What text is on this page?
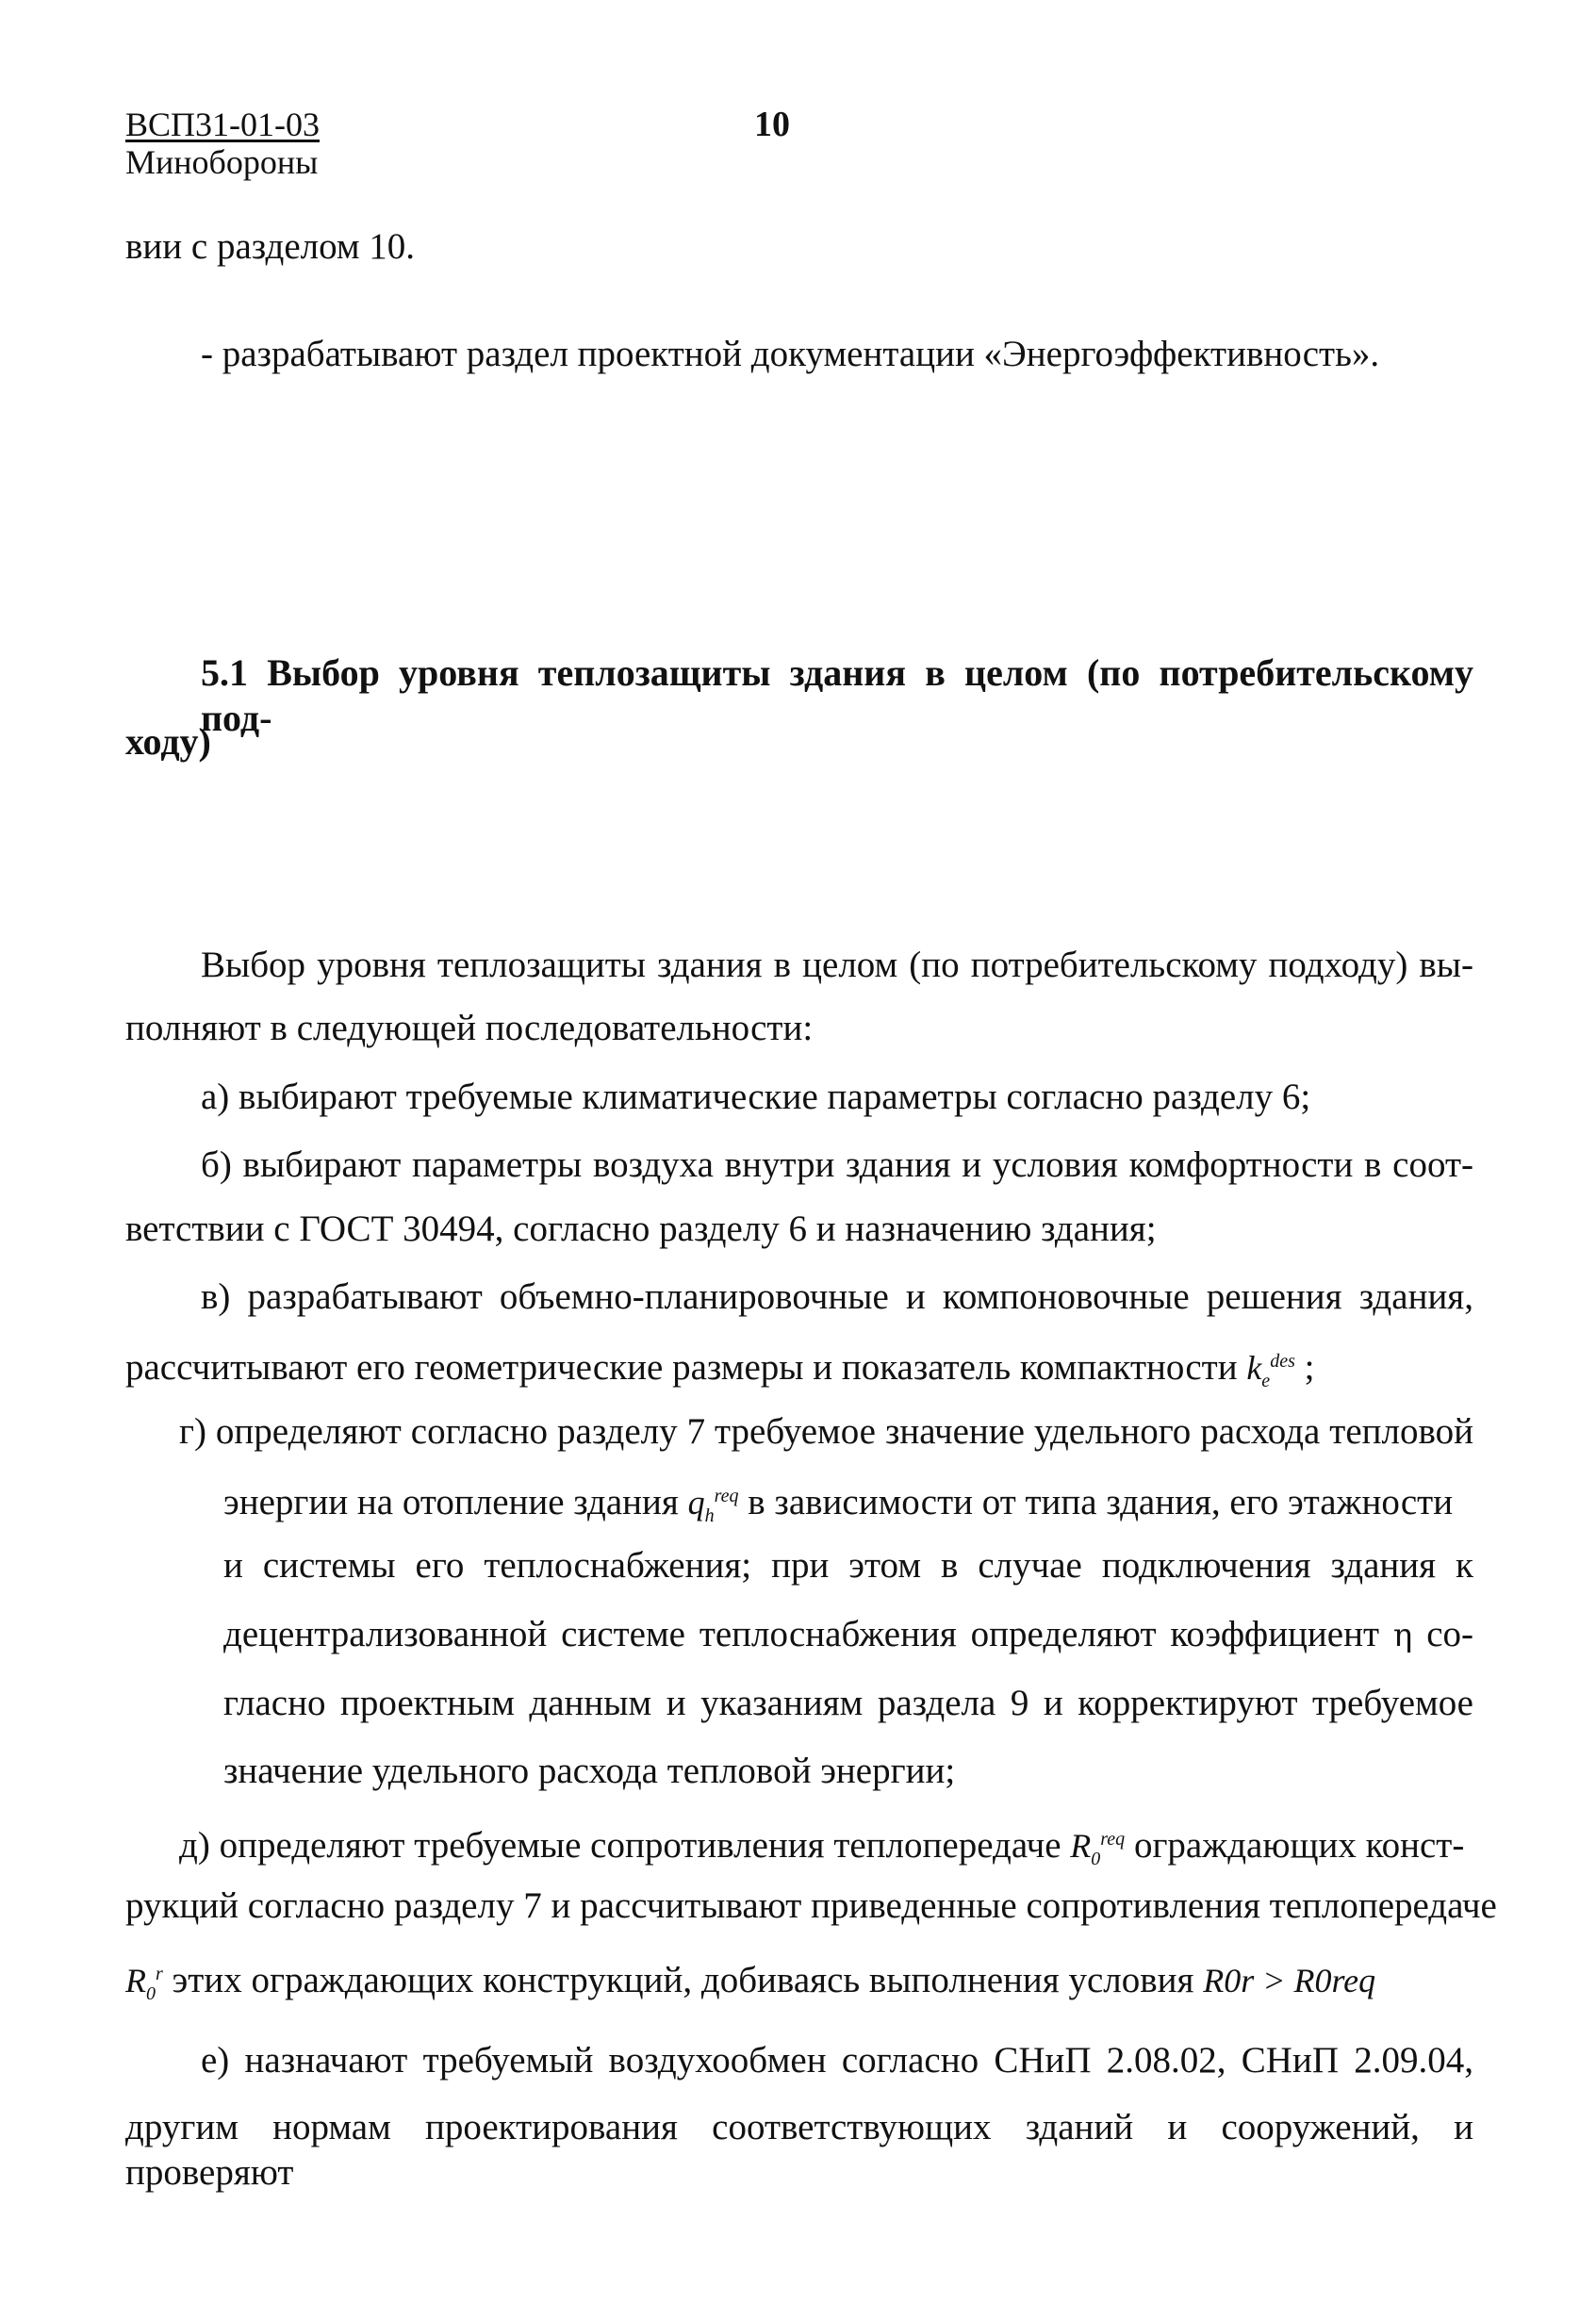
ВСП31-01-03
Минобороны
10
вии с разделом 10.
- разрабатывают раздел проектной документации «Энергоэффективность».
5.1 Выбор уровня теплозащиты здания в целом (по потребительскому под-
ходу)
Выбор уровня теплозащиты здания в целом (по потребительскому подходу) вы-
полняют в следующей последовательности:
а) выбирают требуемые климатические параметры согласно разделу 6;
б) выбирают параметры воздуха внутри здания и условия комфортности в соот-
ветствии с ГОСТ 30494, согласно разделу 6 и назначению здания;
в) разрабатывают объемно-планировочные и компоновочные решения здания,
рассчитывают его геометрические размеры и показатель компактности $k_e^{des}$ ;
г) определяют согласно разделу 7 требуемое значение удельного расхода тепловой
энергии на отопление здания $q_h^{req}$ в зависимости от типа здания, его этажности
и системы его теплоснабжения; при этом в случае подключения здания к
децентрализованной системе теплоснабжения определяют коэффициент η со-
гласно проектным данным и указаниям раздела 9 и корректируют требуемое
значение удельного расхода тепловой энергии;
д) определяют требуемые сопротивления теплопередаче $R_0^{req}$ ограждающих конст-
рукций согласно разделу 7 и рассчитывают приведенные сопротивления теплопередаче
$R_0^r$ этих ограждающих конструкций, добиваясь выполнения условия R0r > R0req
е) назначают требуемый воздухообмен согласно СНиП 2.08.02, СНиП 2.09.04,
другим нормам проектирования соответствующих зданий и сооружений, и проверяют
